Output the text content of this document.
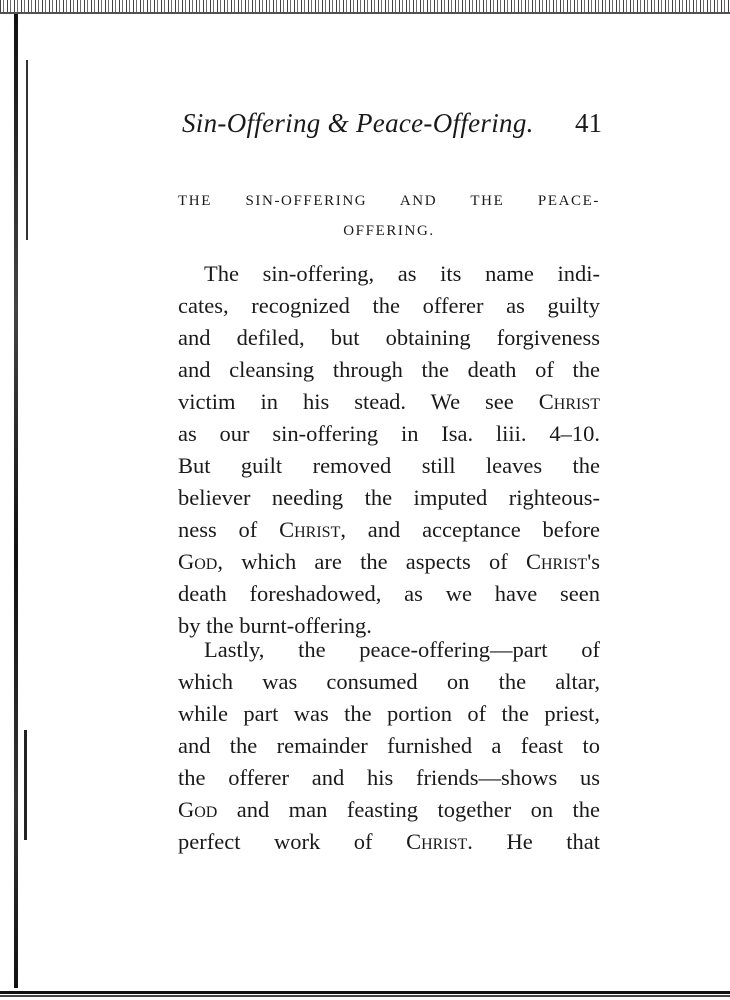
Sin-Offering & Peace-Offering. 41
THE SIN-OFFERING AND THE PEACE-
OFFERING.
The sin-offering, as its name indi-
cates, recognized the offerer as guilty
and defiled, but obtaining forgiveness
and cleansing through the death of the
victim in his stead. We see Christ
as our sin-offering in Isa. liii. 4–10.
But guilt removed still leaves the
believer needing the imputed righteous-
ness of Christ, and acceptance before
God, which are the aspects of Christ's
death foreshadowed, as we have seen
by the burnt-offering.
Lastly, the peace-offering—part of
which was consumed on the altar,
while part was the portion of the priest,
and the remainder furnished a feast to
the offerer and his friends—shows us
God and man feasting together on the
perfect work of Christ. He that
